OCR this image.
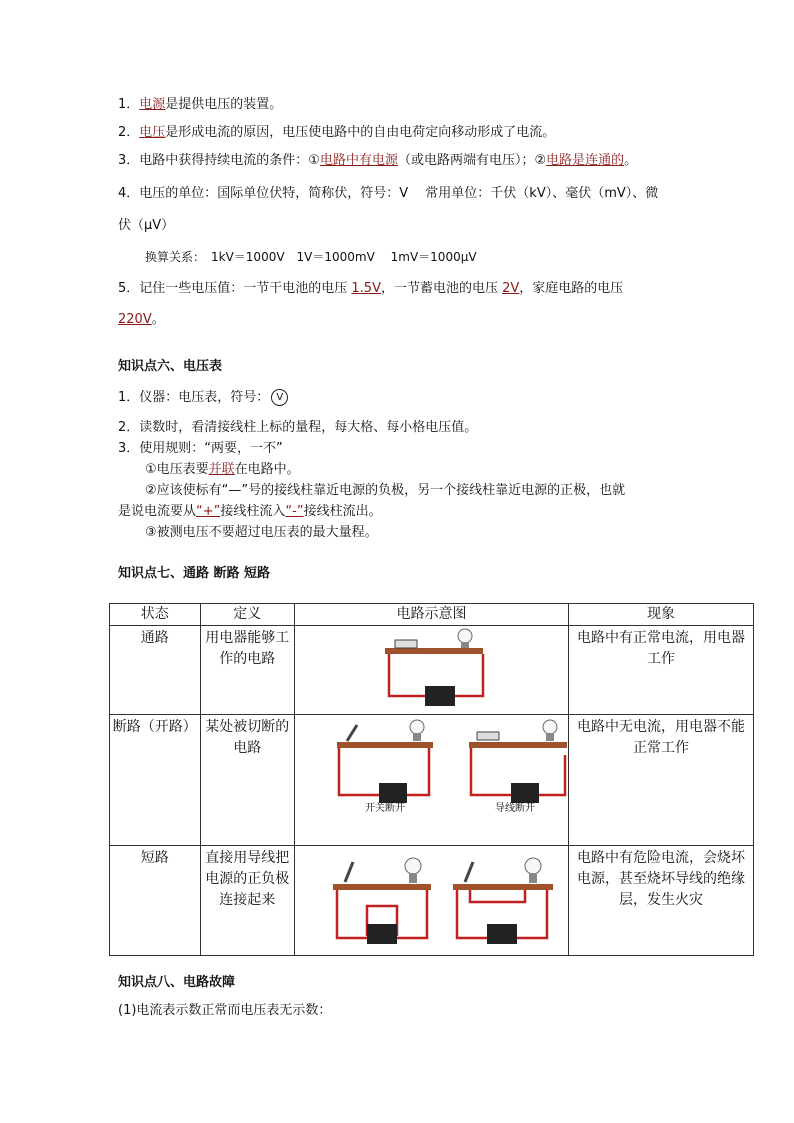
1．电源是提供电压的装置。
2．电压是形成电流的原因，电压使电路中的自由电荷定向移动形成了电流。
3．电路中获得持续电流的条件：①电路中有电源（或电路两端有电压）；②电路是连通的。
4．电压的单位：国际单位伏特，简称伏，符号：V　 常用单位：千伏（kV）、毫伏（mV）、微
伏（μV）
换算关系：　1kV＝1000V　1V＝1000mV　 1mV＝1000μV
5．记住一些电压值：一节干电池的电压 1.5V，一节蓄电池的电压 2V，家庭电路的电压
220V。
知识点六、电压表
1．仪器：电压表，符号： V
2．读数时，看清接线柱上标的量程，每大格、每小格电压值。
3．使用规则：“两要，一不”
①电压表要并联在电路中。
②应该使标有“—”号的接线柱靠近电源的负极，另一个接线柱靠近电源的正极，也就
是说电流要从“+”接线柱流入“-”接线柱流出。
③被测电压不要超过电压表的最大量程。
知识点七、通路 断路 短路
状态	定义	电路示意图	现象
通路	用电器能够工作的电路		电路中有正常电流，用电器工作
断路（开路）	某处被切断的电路	开关断开 导线断开	电路中无电流，用电器不能正常工作
短路	直接用导线把电源的正负极连接起来		电路中有危险电流，会烧坏电源，甚至烧坏导线的绝缘层，发生火灾
知识点八、电路故障
(1)电流表示数正常而电压表无示数：
